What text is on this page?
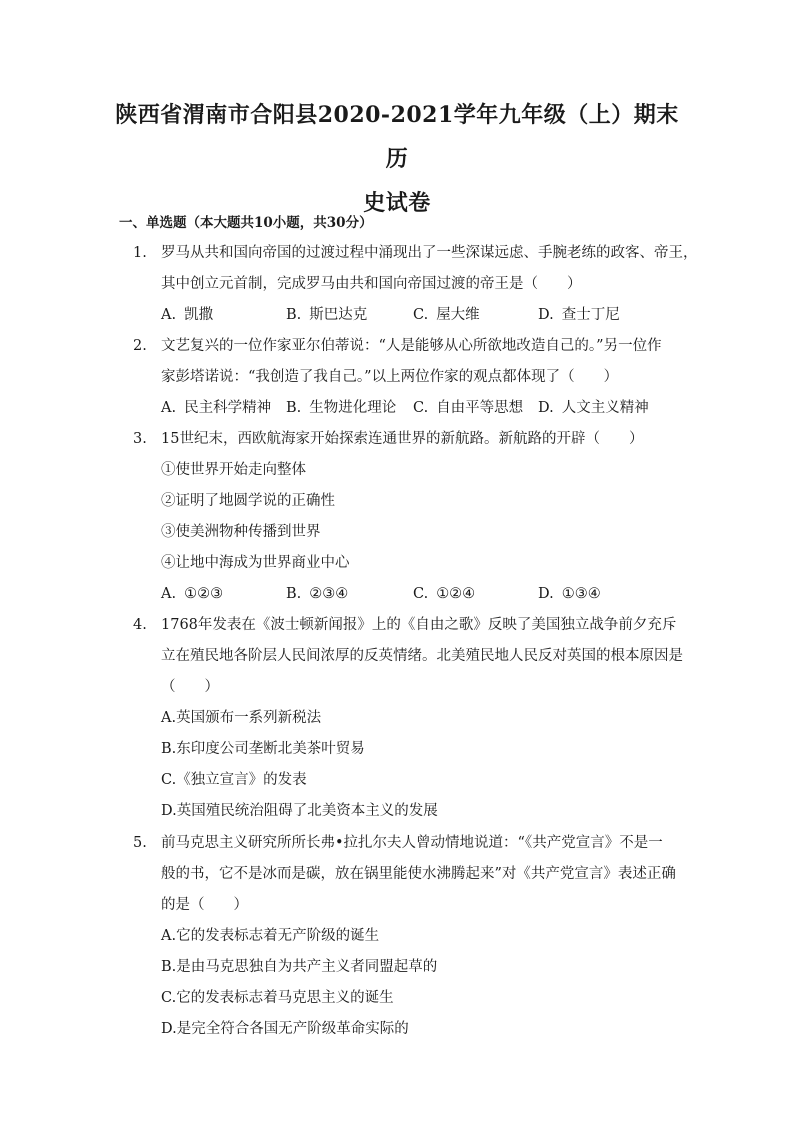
陕西省渭南市合阳县2020-2021学年九年级（上）期末历
史试卷
一、单选题（本大题共10小题，共30分）
1. 罗马从共和国向帝国的过渡过程中涌现出了一些深谋远虑、手腕老练的政客、帝王，
其中创立元首制，完成罗马由共和国向帝国过渡的帝王是（　　）
A. 凯撒	B. 斯巴达克	C. 屋大维	D. 查士丁尼
2. 文艺复兴的一位作家亚尔伯蒂说：“人是能够从心所欲地改造自己的。”另一位作
家彭塔诺说：“我创造了我自己。”以上两位作家的观点都体现了（　　）
A. 民主科学精神 B. 生物进化理论 C. 自由平等思想 D. 人文主义精神
3. 15世纪末，西欧航海家开始探索连通世界的新航路。新航路的开辟（　　）
①使世界开始走向整体
②证明了地圆学说的正确性
③使美洲物种传播到世界
④让地中海成为世界商业中心
A. ①②③	B. ②③④	C. ①②④	D. ①③④
4. 1768年发表在《波士顿新闻报》上的《自由之歌》反映了美国独立战争前夕充斥
立在殖民地各阶层人民间浓厚的反英情绪。北美殖民地人民反对英国的根本原因是
（　　）
A.英国颁布一系列新税法
B.东印度公司垄断北美茶叶贸易
C.《独立宣言》的发表
D.英国殖民统治阻碍了北美资本主义的发展
5. 前马克思主义研究所所长弗•拉扎尔夫人曾动情地说道：“《共产党宣言》不是一
般的书，它不是冰而是碳，放在锅里能使水沸腾起来”对《共产党宣言》表述正确
的是（　　）
A.它的发表标志着无产阶级的诞生
B.是由马克思独自为共产主义者同盟起草的
C.它的发表标志着马克思主义的诞生
D.是完全符合各国无产阶级革命实际的
